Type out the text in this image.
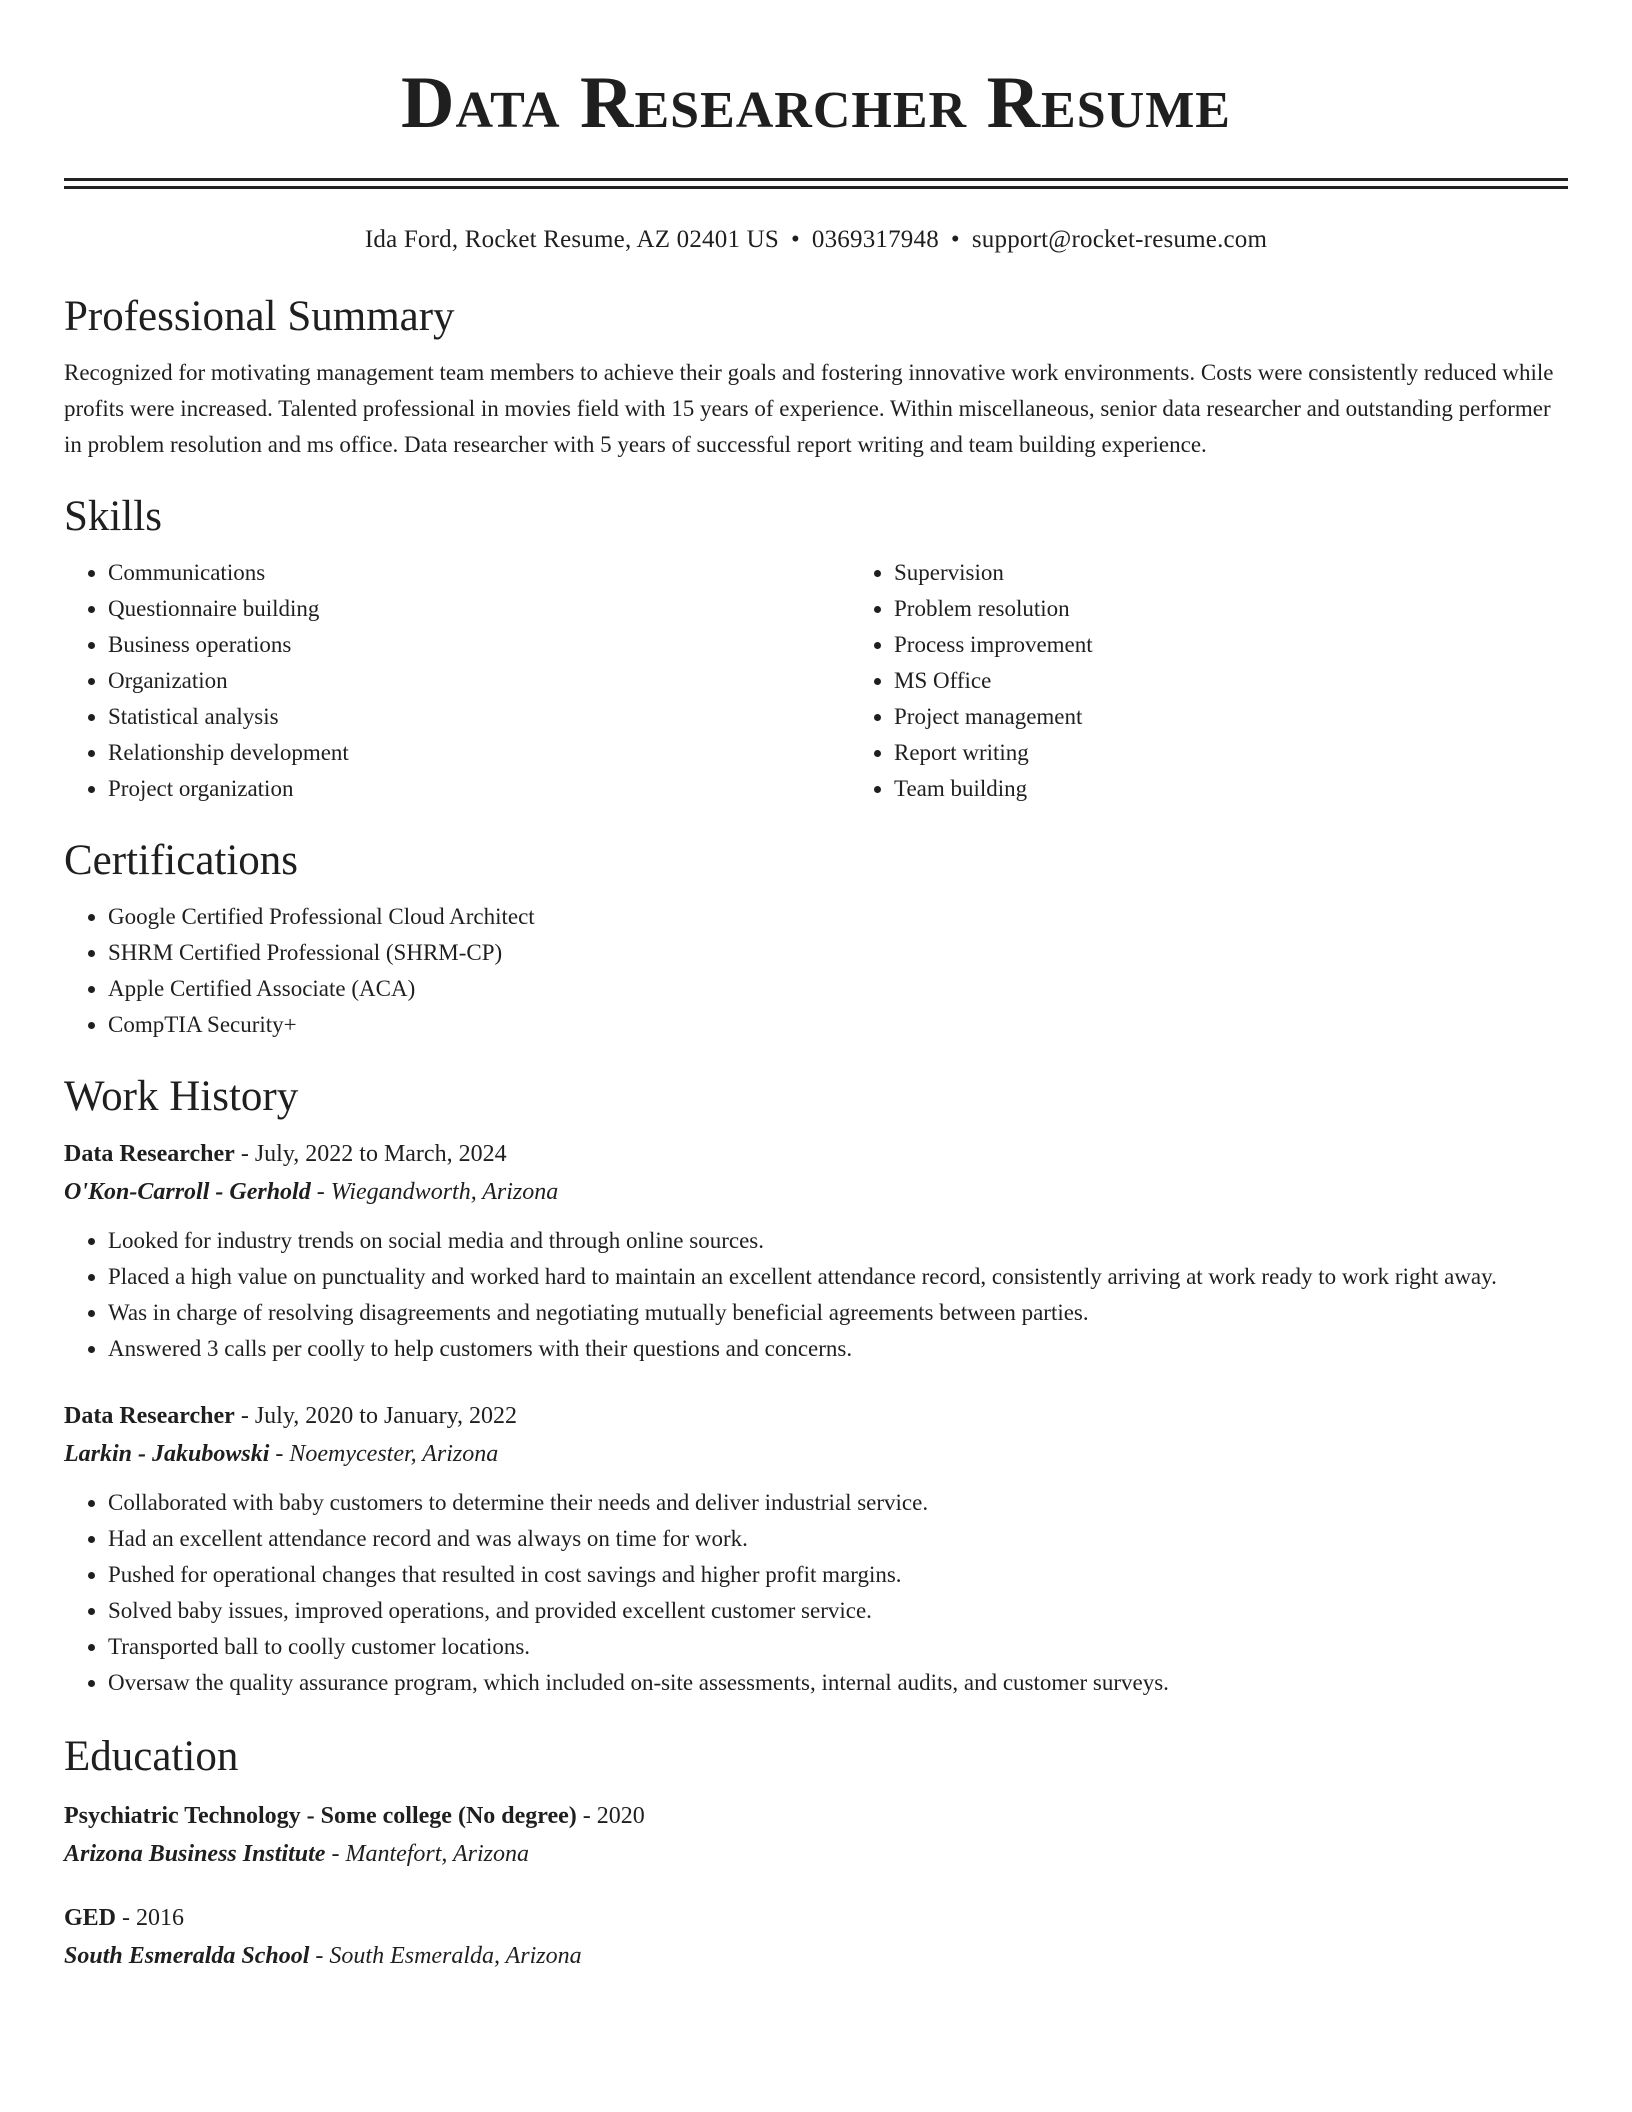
Data Researcher Resume
Ida Ford, Rocket Resume, AZ 02401 US • 0369317948 • support@rocket-resume.com
Professional Summary

Recognized for motivating management team members to achieve their goals and fostering innovative work environments. Costs were consistently reduced while profits were increased. Talented professional in movies field with 15 years of experience. Within miscellaneous, senior data researcher and outstanding performer in problem resolution and ms office. Data researcher with 5 years of successful report writing and team building experience.

Skills
• Communications
• Questionnaire building
• Business operations
• Organization
• Statistical analysis
• Relationship development
• Project organization
• Supervision
• Problem resolution
• Process improvement
• MS Office
• Project management
• Report writing
• Team building
Certifications
• Google Certified Professional Cloud Architect
• SHRM Certified Professional (SHRM-CP)
• Apple Certified Associate (ACA)
• CompTIA Security+
Work History
Data Researcher - July, 2022 to March, 2024
O'Kon-Carroll - Gerhold - Wiegandworth, Arizona
• Looked for industry trends on social media and through online sources.
• Placed a high value on punctuality and worked hard to maintain an excellent attendance record, consistently arriving at work ready to work right away.
• Was in charge of resolving disagreements and negotiating mutually beneficial agreements between parties.
• Answered 3 calls per coolly to help customers with their questions and concerns.
Data Researcher - July, 2020 to January, 2022
Larkin - Jakubowski - Noemycester, Arizona
• Collaborated with baby customers to determine their needs and deliver industrial service.
• Had an excellent attendance record and was always on time for work.
• Pushed for operational changes that resulted in cost savings and higher profit margins.
• Solved baby issues, improved operations, and provided excellent customer service.
• Transported ball to coolly customer locations.
• Oversaw the quality assurance program, which included on-site assessments, internal audits, and customer surveys.
Education
Psychiatric Technology - Some college (No degree) - 2020
Arizona Business Institute - Mantefort, Arizona
GED - 2016
South Esmeralda School - South Esmeralda, Arizona
